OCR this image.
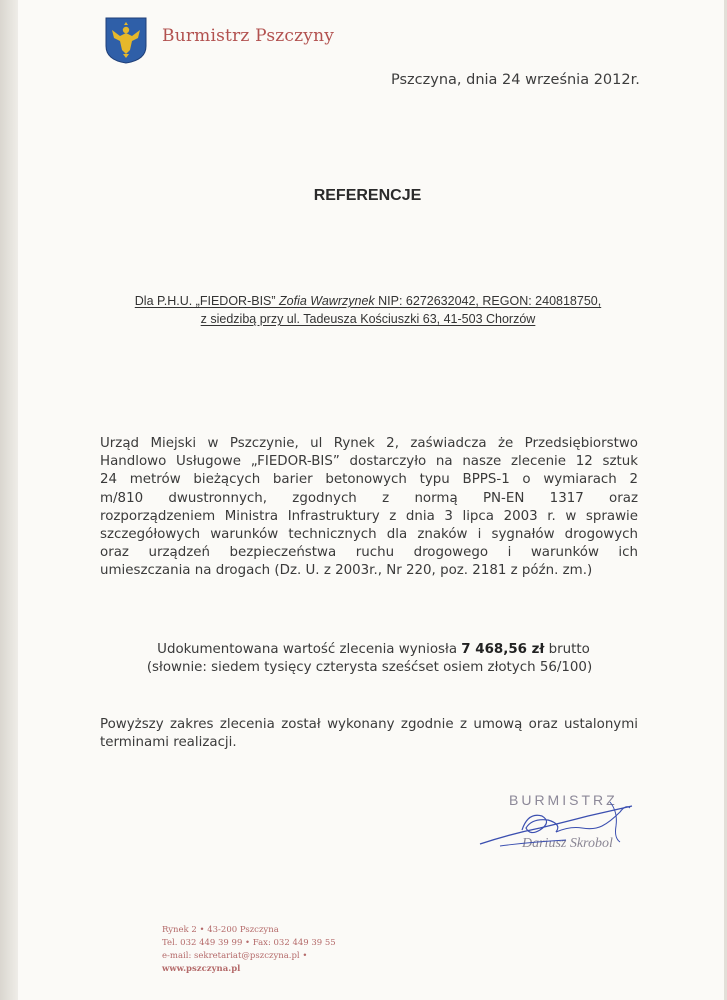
Burmistrz Pszczyny
Pszczyna, dnia 24 września 2012r.
REFERENCJE
Dla P.H.U. „FIEDOR-BIS” Zofia Wawrzynek NIP: 6272632042, REGON: 240818750,
z siedzibą przy ul. Tadeusza Kościuszki 63, 41-503 Chorzów
Urząd Miejski w Pszczynie, ul Rynek 2, zaświadcza że Przedsiębiorstwo
Handlowo Usługowe „FIEDOR-BIS” dostarczyło na nasze zlecenie 12 sztuk
24 metrów bieżących barier betonowych typu BPPS-1 o wymiarach 2
m/810 dwustronnych, zgodnych z normą PN-EN 1317 oraz
rozporządzeniem Ministra Infrastruktury z dnia 3 lipca 2003 r. w sprawie
szczegółowych warunków technicznych dla znaków i sygnałów drogowych
oraz urządzeń bezpieczeństwa ruchu drogowego i warunków ich
umieszczania na drogach (Dz. U. z 2003r., Nr 220, poz. 2181 z późn. zm.)
Udokumentowana wartość zlecenia wyniosła 7 468,56 zł brutto
(słownie: siedem tysięcy czterysta sześćset osiem złotych 56/100)
Powyższy zakres zlecenia został wykonany zgodnie z umową oraz ustalonymi
terminami realizacji.
BURMISTRZ
Dariusz Skrobol
Rynek 2 • 43-200 Pszczyna
Tel. 032 449 39 99 • Fax: 032 449 39 55
e-mail: sekretariat@pszczyna.pl •
www.pszczyna.pl
